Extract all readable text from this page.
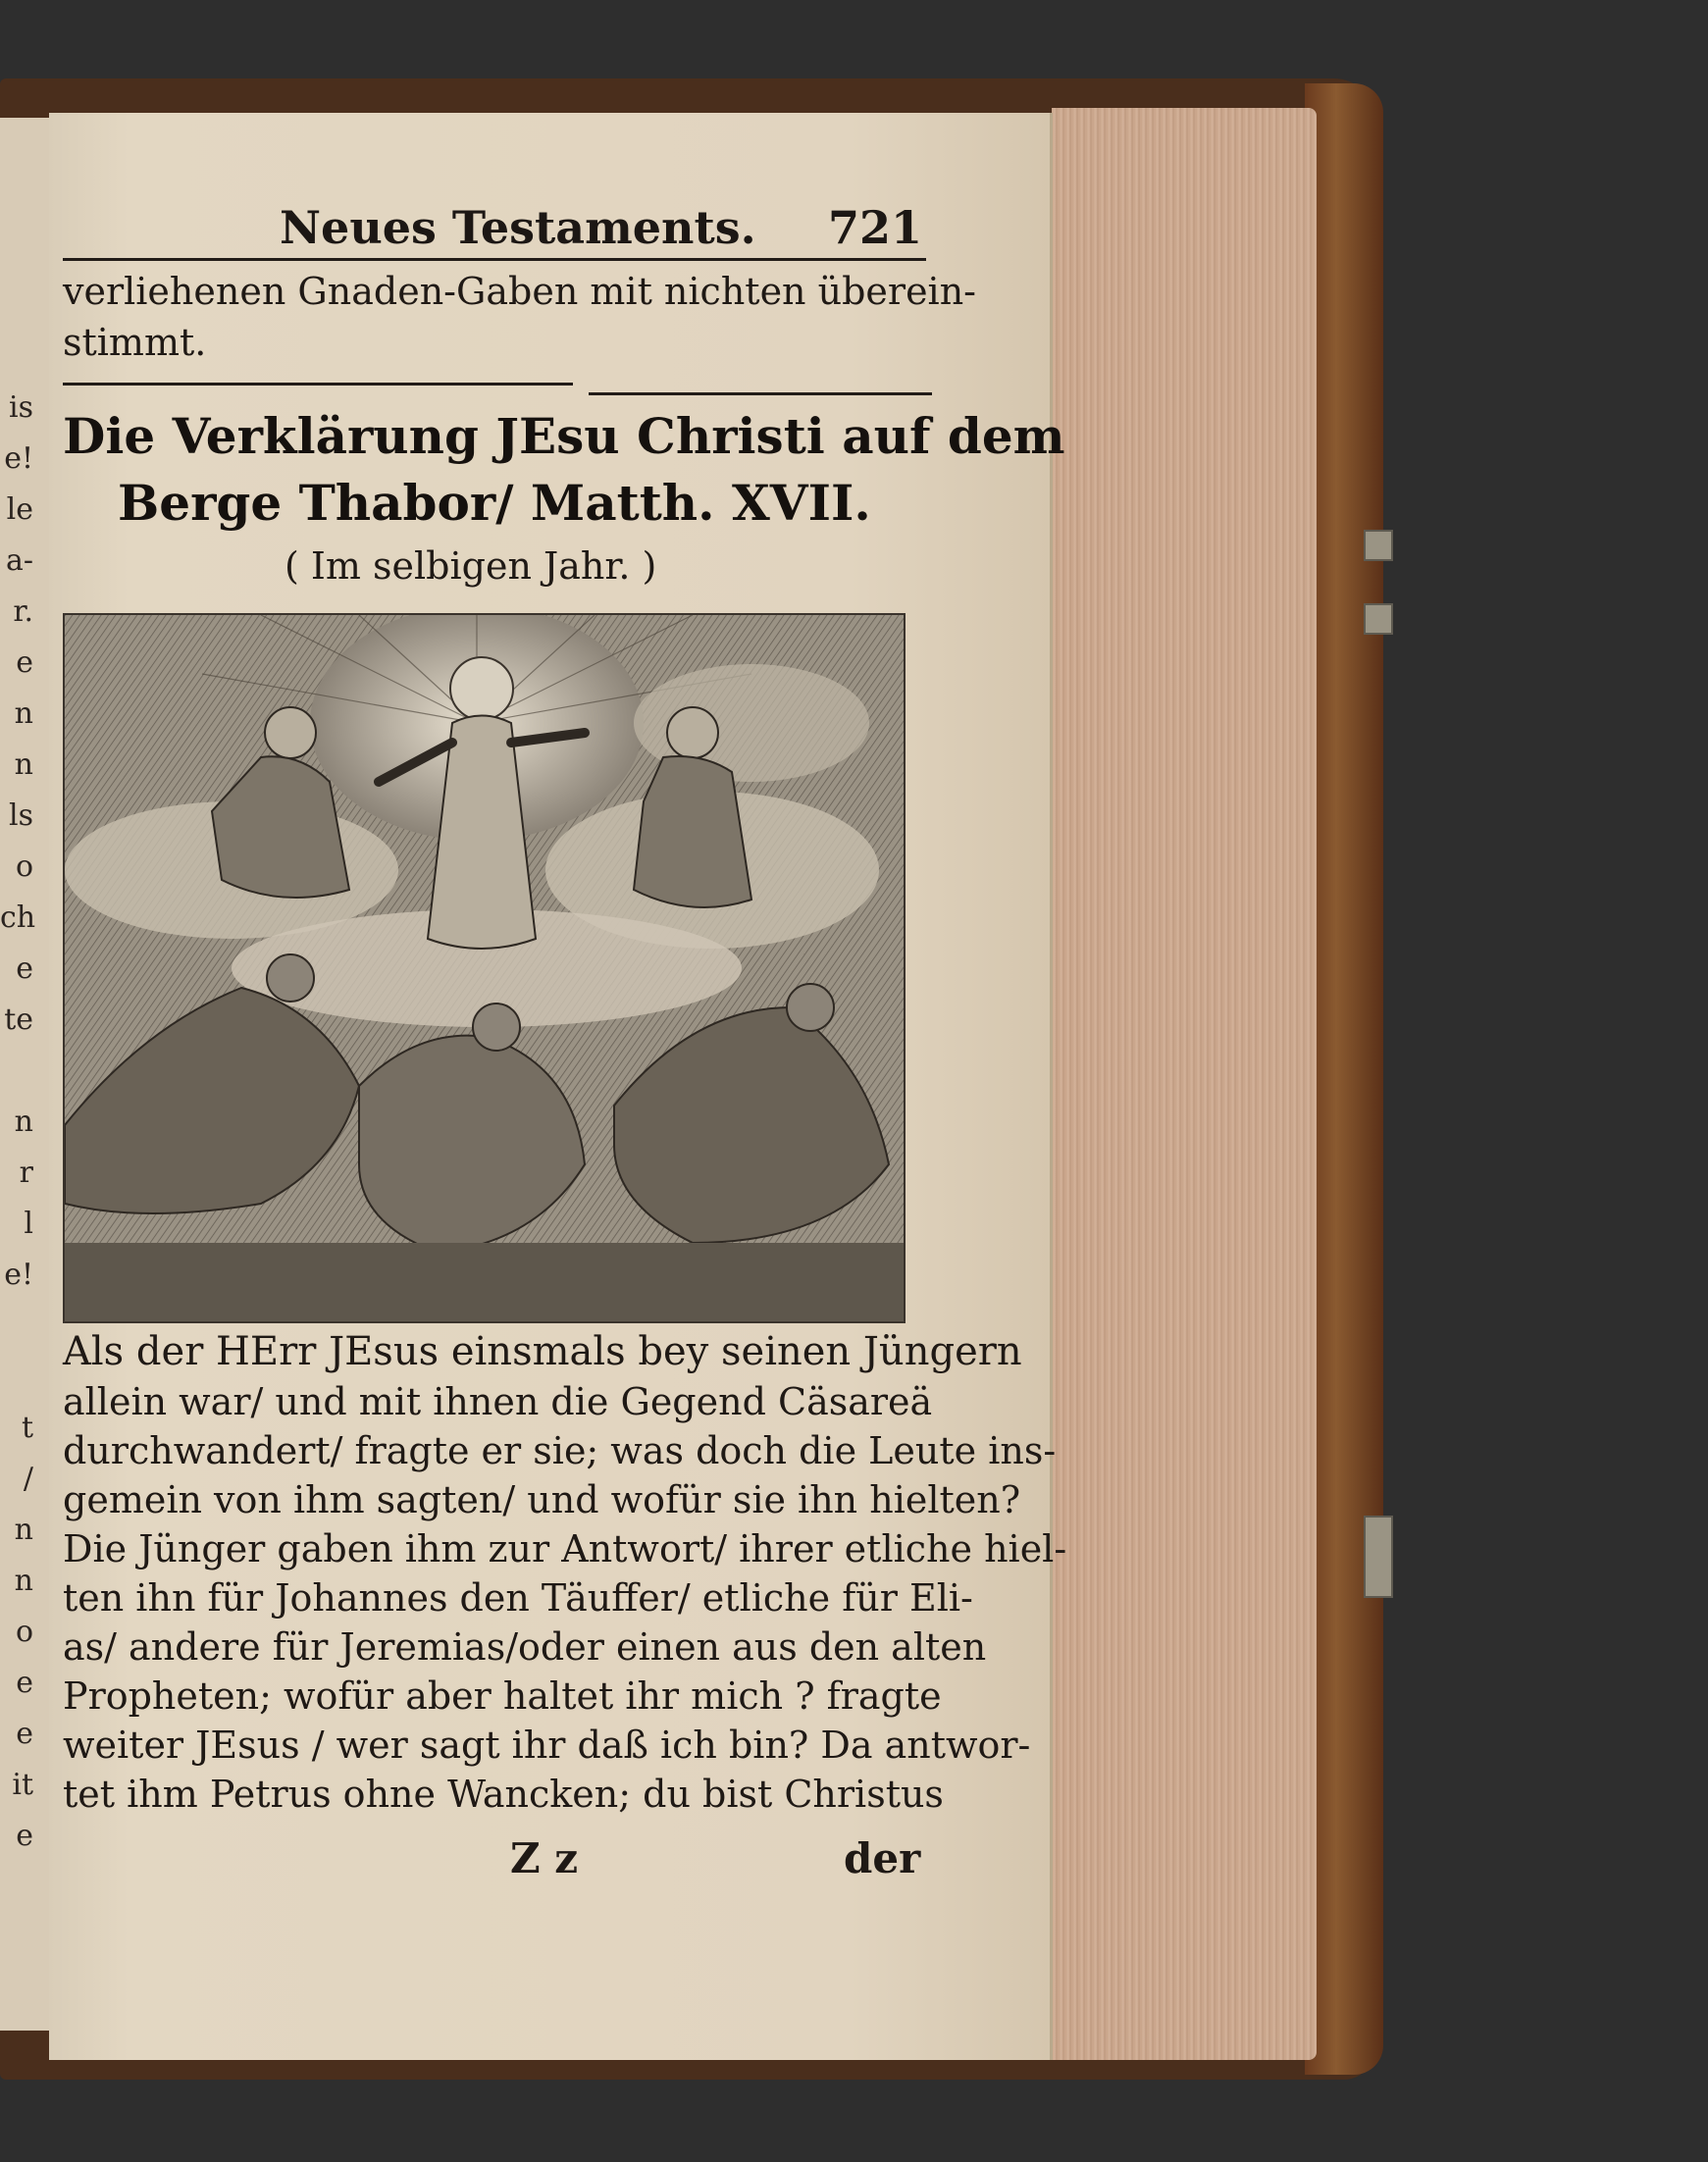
is
e!
le
a-
r.
e
n
n
ls
o
ch
e
te

n
r
l
e!

t
/
n
n
o
e
e
it
e
Neues Testaments. 721
verliehenen Gnaden-Gaben mit nichten überein-
stimmt.
Die Verklärung JEsu Christi auf dem
Berge Thabor/ Matth. XVII.
( Im selbigen Jahr. )
Als der HErr JEsus einsmals bey seinen Jüngern
allein war/ und mit ihnen die Gegend Cäsareä
durchwandert/ fragte er sie; was doch die Leute ins-
gemein von ihm sagten/ und wofür sie ihn hielten?
Die Jünger gaben ihm zur Antwort/ ihrer etliche hiel-
ten ihn für Johannes den Täuffer/ etliche für Eli-
as/ andere für Jeremias/oder einen aus den alten
Propheten; wofür aber haltet ihr mich ? fragte
weiter JEsus / wer sagt ihr daß ich bin? Da antwor-
tet ihm Petrus ohne Wancken; du bist Christus
Z z	der
